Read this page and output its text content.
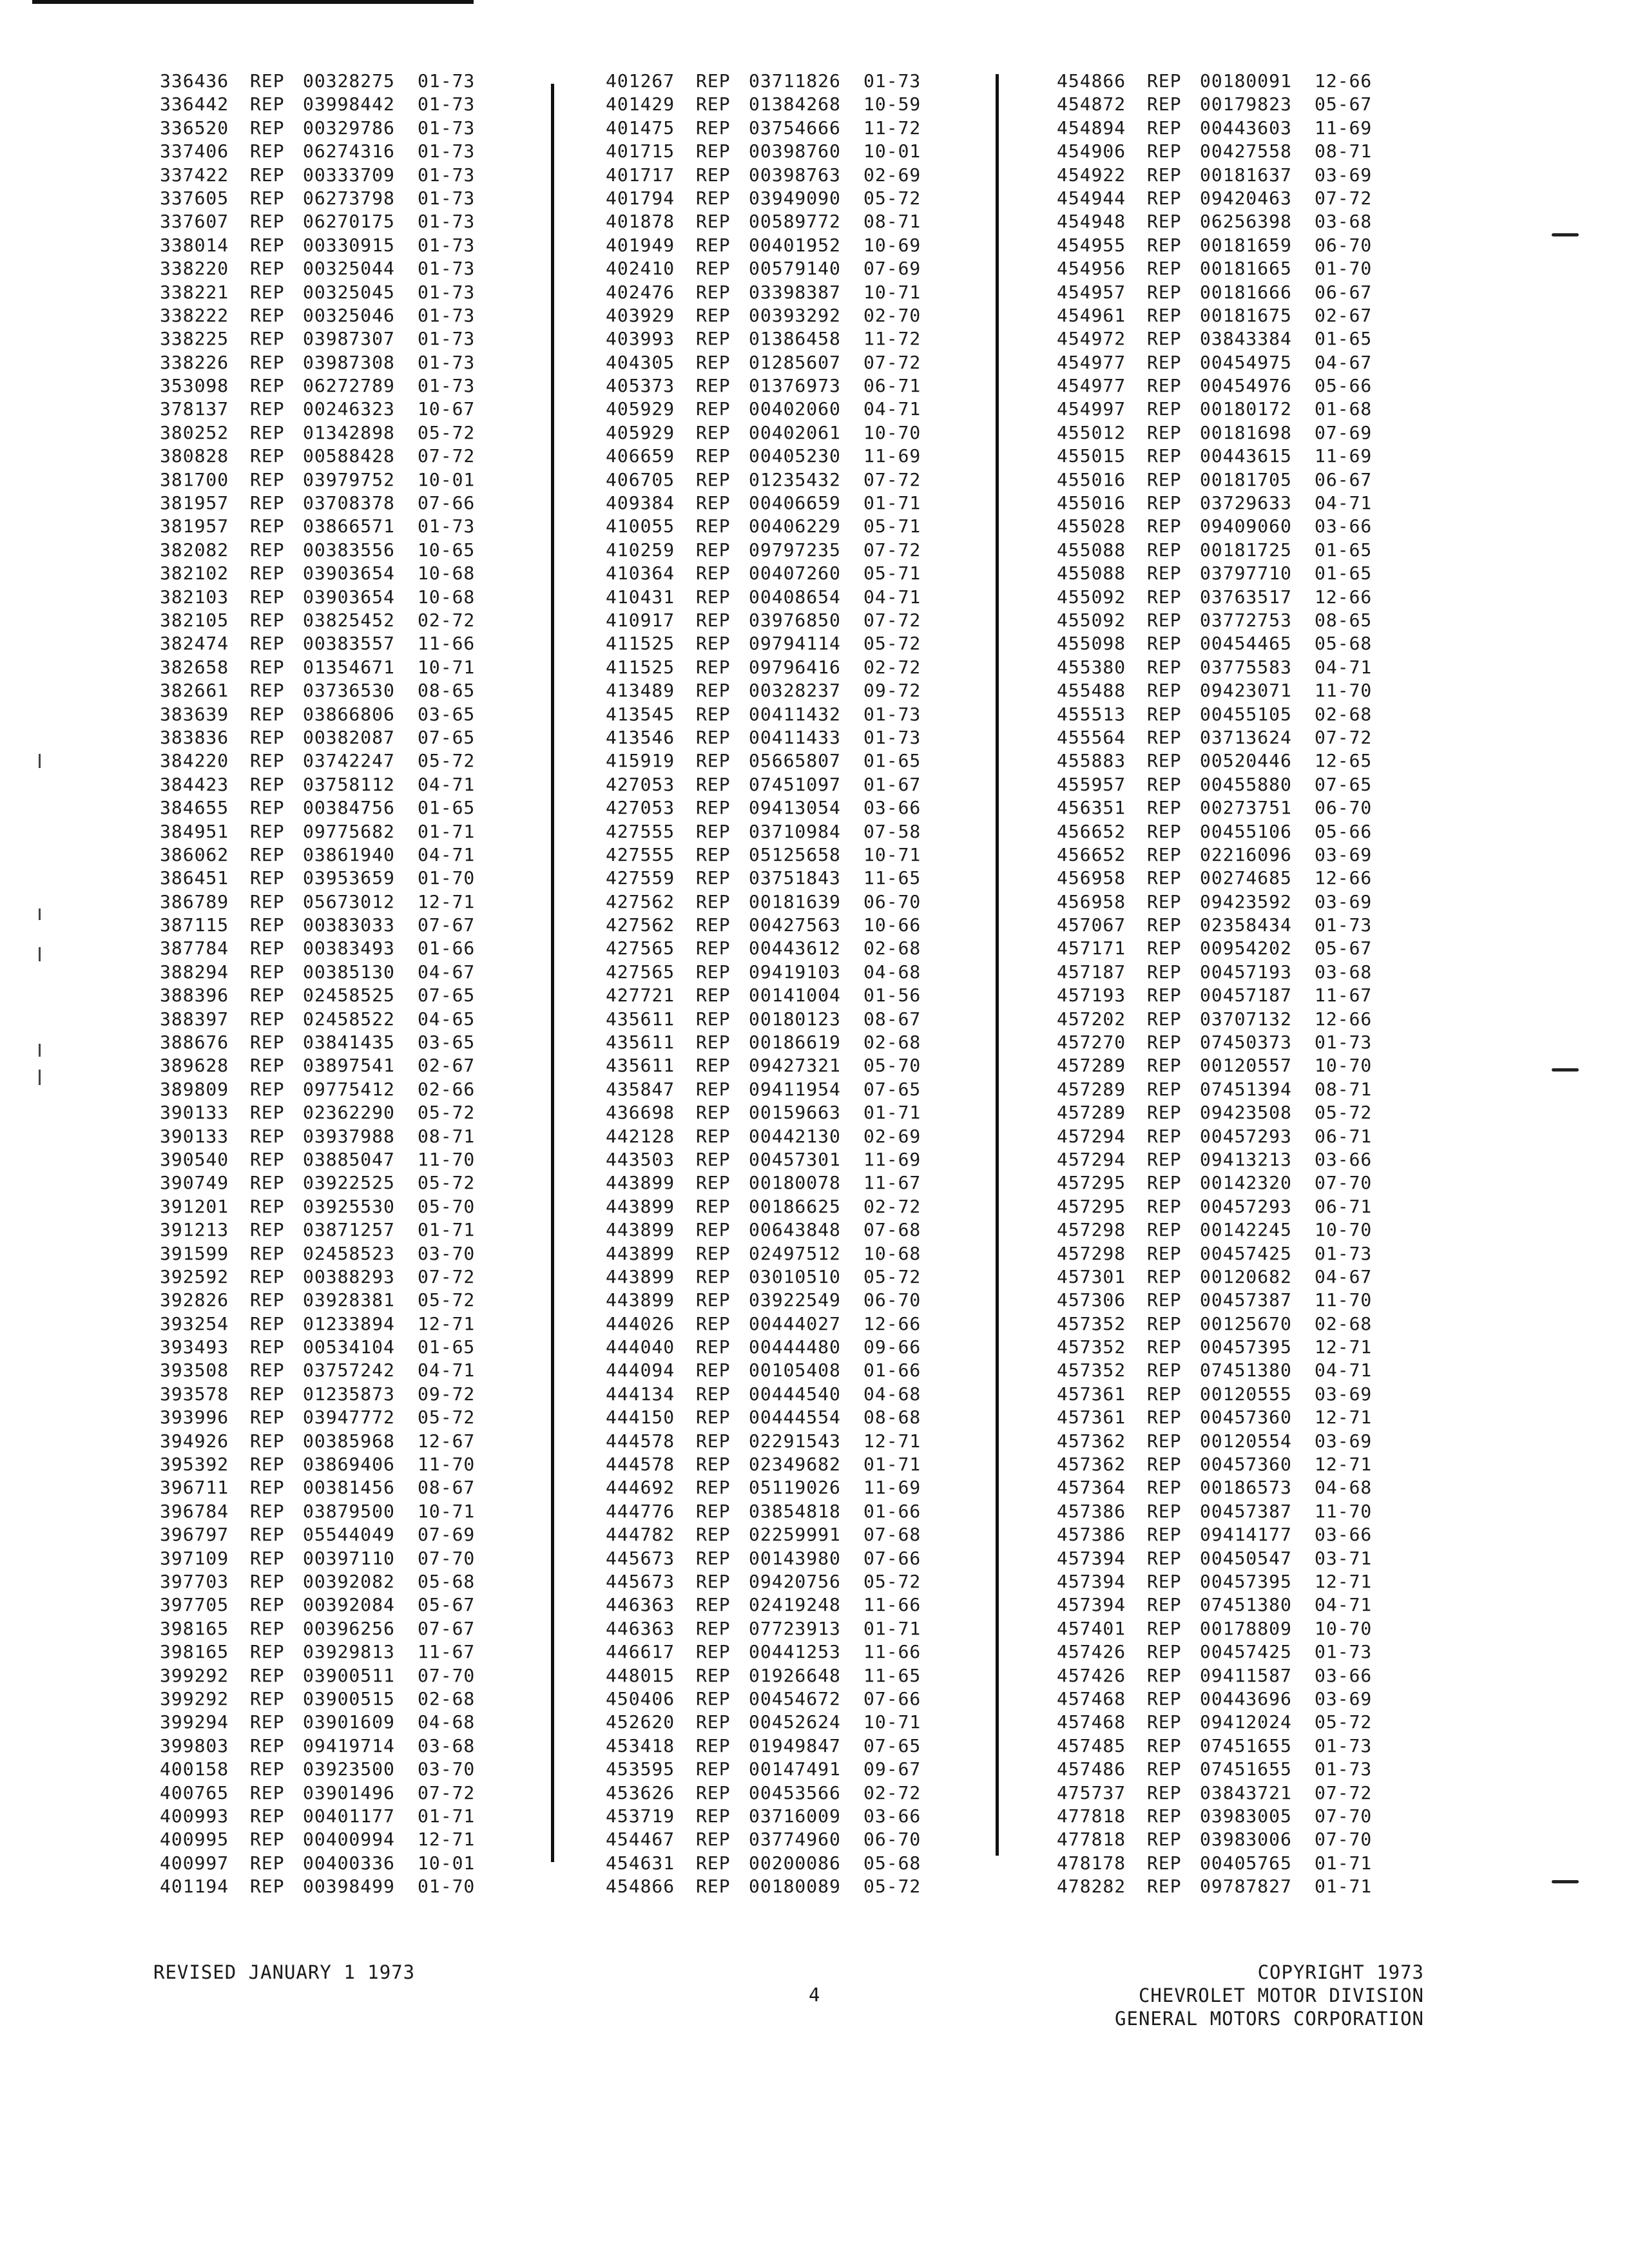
336436 REP 00328275 01-73
336442 REP 03998442 01-73
336520 REP 00329786 01-73
337406 REP 06274316 01-73
337422 REP 00333709 01-73
337605 REP 06273798 01-73
337607 REP 06270175 01-73
338014 REP 00330915 01-73
338220 REP 00325044 01-73
338221 REP 00325045 01-73
338222 REP 00325046 01-73
338225 REP 03987307 01-73
338226 REP 03987308 01-73
353098 REP 06272789 01-73
378137 REP 00246323 10-67
380252 REP 01342898 05-72
380828 REP 00588428 07-72
381700 REP 03979752 10-01
381957 REP 03708378 07-66
381957 REP 03866571 01-73
382082 REP 00383556 10-65
382102 REP 03903654 10-68
382103 REP 03903654 10-68
382105 REP 03825452 02-72
382474 REP 00383557 11-66
382658 REP 01354671 10-71
382661 REP 03736530 08-65
383639 REP 03866806 03-65
383836 REP 00382087 07-65
384220 REP 03742247 05-72
384423 REP 03758112 04-71
384655 REP 00384756 01-65
384951 REP 09775682 01-71
386062 REP 03861940 04-71
386451 REP 03953659 01-70
386789 REP 05673012 12-71
387115 REP 00383033 07-67
387784 REP 00383493 01-66
388294 REP 00385130 04-67
388396 REP 02458525 07-65
388397 REP 02458522 04-65
388676 REP 03841435 03-65
389628 REP 03897541 02-67
389809 REP 09775412 02-66
390133 REP 02362290 05-72
390133 REP 03937988 08-71
390540 REP 03885047 11-70
390749 REP 03922525 05-72
391201 REP 03925530 05-70
391213 REP 03871257 01-71
391599 REP 02458523 03-70
392592 REP 00388293 07-72
392826 REP 03928381 05-72
393254 REP 01233894 12-71
393493 REP 00534104 01-65
393508 REP 03757242 04-71
393578 REP 01235873 09-72
393996 REP 03947772 05-72
394926 REP 00385968 12-67
395392 REP 03869406 11-70
396711 REP 00381456 08-67
396784 REP 03879500 10-71
396797 REP 05544049 07-69
397109 REP 00397110 07-70
397703 REP 00392082 05-68
397705 REP 00392084 05-67
398165 REP 00396256 07-67
398165 REP 03929813 11-67
399292 REP 03900511 07-70
399292 REP 03900515 02-68
399294 REP 03901609 04-68
399803 REP 09419714 03-68
400158 REP 03923500 03-70
400765 REP 03901496 07-72
400993 REP 00401177 01-71
400995 REP 00400994 12-71
400997 REP 00400336 10-01
401194 REP 00398499 01-70
401267 REP 03711826 01-73
401429 REP 01384268 10-59
401475 REP 03754666 11-72
401715 REP 00398760 10-01
401717 REP 00398763 02-69
401794 REP 03949090 05-72
401878 REP 00589772 08-71
401949 REP 00401952 10-69
402410 REP 00579140 07-69
402476 REP 03398387 10-71
403929 REP 00393292 02-70
403993 REP 01386458 11-72
404305 REP 01285607 07-72
405373 REP 01376973 06-71
405929 REP 00402060 04-71
405929 REP 00402061 10-70
406659 REP 00405230 11-69
406705 REP 01235432 07-72
409384 REP 00406659 01-71
410055 REP 00406229 05-71
410259 REP 09797235 07-72
410364 REP 00407260 05-71
410431 REP 00408654 04-71
410917 REP 03976850 07-72
411525 REP 09794114 05-72
411525 REP 09796416 02-72
413489 REP 00328237 09-72
413545 REP 00411432 01-73
413546 REP 00411433 01-73
415919 REP 05665807 01-65
427053 REP 07451097 01-67
427053 REP 09413054 03-66
427555 REP 03710984 07-58
427555 REP 05125658 10-71
427559 REP 03751843 11-65
427562 REP 00181639 06-70
427562 REP 00427563 10-66
427565 REP 00443612 02-68
427565 REP 09419103 04-68
427721 REP 00141004 01-56
435611 REP 00180123 08-67
435611 REP 00186619 02-68
435611 REP 09427321 05-70
435847 REP 09411954 07-65
436698 REP 00159663 01-71
442128 REP 00442130 02-69
443503 REP 00457301 11-69
443899 REP 00180078 11-67
443899 REP 00186625 02-72
443899 REP 00643848 07-68
443899 REP 02497512 10-68
443899 REP 03010510 05-72
443899 REP 03922549 06-70
444026 REP 00444027 12-66
444040 REP 00444480 09-66
444094 REP 00105408 01-66
444134 REP 00444540 04-68
444150 REP 00444554 08-68
444578 REP 02291543 12-71
444578 REP 02349682 01-71
444692 REP 05119026 11-69
444776 REP 03854818 01-66
444782 REP 02259991 07-68
445673 REP 00143980 07-66
445673 REP 09420756 05-72
446363 REP 02419248 11-66
446363 REP 07723913 01-71
446617 REP 00441253 11-66
448015 REP 01926648 11-65
450406 REP 00454672 07-66
452620 REP 00452624 10-71
453418 REP 01949847 07-65
453595 REP 00147491 09-67
453626 REP 00453566 02-72
453719 REP 03716009 03-66
454467 REP 03774960 06-70
454631 REP 00200086 05-68
454866 REP 00180089 05-72
454866 REP 00180091 12-66
454872 REP 00179823 05-67
454894 REP 00443603 11-69
454906 REP 00427558 08-71
454922 REP 00181637 03-69
454944 REP 09420463 07-72
454948 REP 06256398 03-68
454955 REP 00181659 06-70
454956 REP 00181665 01-70
454957 REP 00181666 06-67
454961 REP 00181675 02-67
454972 REP 03843384 01-65
454977 REP 00454975 04-67
454977 REP 00454976 05-66
454997 REP 00180172 01-68
455012 REP 00181698 07-69
455015 REP 00443615 11-69
455016 REP 00181705 06-67
455016 REP 03729633 04-71
455028 REP 09409060 03-66
455088 REP 00181725 01-65
455088 REP 03797710 01-65
455092 REP 03763517 12-66
455092 REP 03772753 08-65
455098 REP 00454465 05-68
455380 REP 03775583 04-71
455488 REP 09423071 11-70
455513 REP 00455105 02-68
455564 REP 03713624 07-72
455883 REP 00520446 12-65
455957 REP 00455880 07-65
456351 REP 00273751 06-70
456652 REP 00455106 05-66
456652 REP 02216096 03-69
456958 REP 00274685 12-66
456958 REP 09423592 03-69
457067 REP 02358434 01-73
457171 REP 00954202 05-67
457187 REP 00457193 03-68
457193 REP 00457187 11-67
457202 REP 03707132 12-66
457270 REP 07450373 01-73
457289 REP 00120557 10-70
457289 REP 07451394 08-71
457289 REP 09423508 05-72
457294 REP 00457293 06-71
457294 REP 09413213 03-66
457295 REP 00142320 07-70
457295 REP 00457293 06-71
457298 REP 00142245 10-70
457298 REP 00457425 01-73
457301 REP 00120682 04-67
457306 REP 00457387 11-70
457352 REP 00125670 02-68
457352 REP 00457395 12-71
457352 REP 07451380 04-71
457361 REP 00120555 03-69
457361 REP 00457360 12-71
457362 REP 00120554 03-69
457362 REP 00457360 12-71
457364 REP 00186573 04-68
457386 REP 00457387 11-70
457386 REP 09414177 03-66
457394 REP 00450547 03-71
457394 REP 00457395 12-71
457394 REP 07451380 04-71
457401 REP 00178809 10-70
457426 REP 00457425 01-73
457426 REP 09411587 03-66
457468 REP 00443696 03-69
457468 REP 09412024 05-72
457485 REP 07451655 01-73
457486 REP 07451655 01-73
475737 REP 03843721 07-72
477818 REP 03983005 07-70
477818 REP 03983006 07-70
478178 REP 00405765 01-71
478282 REP 09787827 01-71
REVISED JANUARY 1 1973
4
COPYRIGHT 1973
CHEVROLET MOTOR DIVISION
GENERAL MOTORS CORPORATION
